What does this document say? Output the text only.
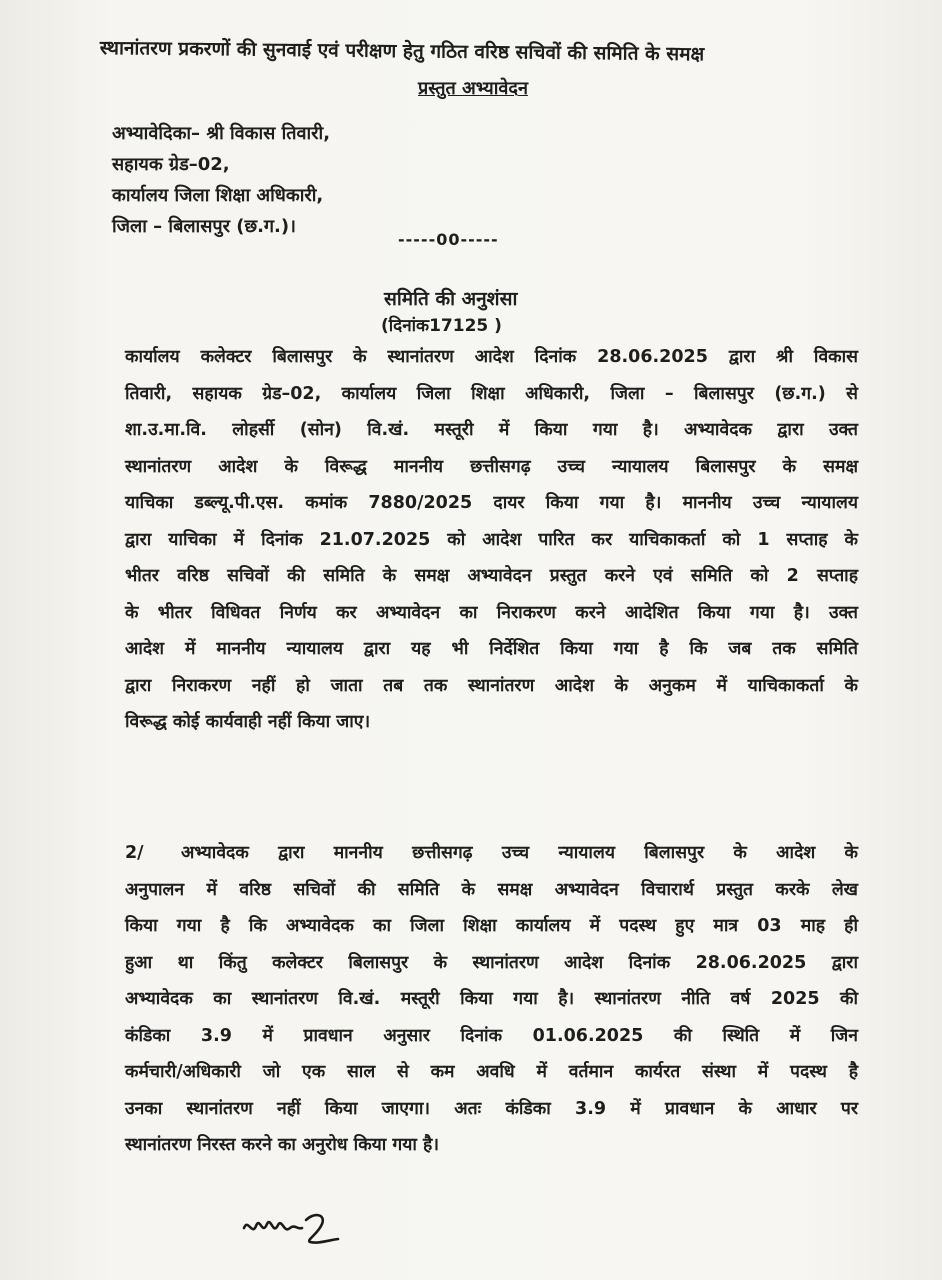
स्थानांतरण प्रकरणों की सुनवाई एवं परीक्षण हेतु गठित वरिष्ठ सचिवों की समिति के समक्ष
प्रस्तुत अभ्यावेदन
अभ्यावेदिका– श्री विकास तिवारी,
सहायक ग्रेड–02,
कार्यालय जिला शिक्षा अधिकारी,
जिला – बिलासपुर (छ.ग.)।
-----00-----
समिति की अनुशंसा
(दिनांक17125 )
कार्यालय कलेक्टर बिलासपुर के स्थानांतरण आदेश दिनांक 28.06.2025 द्वारा श्री विकास
तिवारी, सहायक ग्रेड–02, कार्यालय जिला शिक्षा अधिकारी, जिला – बिलासपुर (छ.ग.) से
शा.उ.मा.वि. लोहर्सी (सोन) वि.खं. मस्तूरी में किया गया है। अभ्यावेदक द्वारा उक्त
स्थानांतरण आदेश के विरूद्ध माननीय छत्तीसगढ़ उच्च न्यायालय बिलासपुर के समक्ष
याचिका डब्ल्यू.पी.एस. कमांक 7880/2025 दायर किया गया है। माननीय उच्च न्यायालय
द्वारा याचिका में दिनांक 21.07.2025 को आदेश पारित कर याचिकाकर्ता को 1 सप्ताह के
भीतर वरिष्ठ सचिवों की समिति के समक्ष अभ्यावेदन प्रस्तुत करने एवं समिति को 2 सप्ताह
के भीतर विधिवत निर्णय कर अभ्यावेदन का निराकरण करने आदेशित किया गया है। उक्त
आदेश में माननीय न्यायालय द्वारा यह भी निर्देशित किया गया है कि जब तक समिति
द्वारा निराकरण नहीं हो जाता तब तक स्थानांतरण आदेश के अनुकम में याचिकाकर्ता के
विरूद्ध कोई कार्यवाही नहीं किया जाए।
2/ अभ्यावेदक द्वारा माननीय छत्तीसगढ़ उच्च न्यायालय बिलासपुर के आदेश के
अनुपालन में वरिष्ठ सचिवों की समिति के समक्ष अभ्यावेदन विचारार्थ प्रस्तुत करके लेख
किया गया है कि अभ्यावेदक का जिला शिक्षा कार्यालय में पदस्थ हुए मात्र 03 माह ही
हुआ था किंतु कलेक्टर बिलासपुर के स्थानांतरण आदेश दिनांक 28.06.2025 द्वारा
अभ्यावेदक का स्थानांतरण वि.खं. मस्तूरी किया गया है। स्थानांतरण नीति वर्ष 2025 की
कंडिका 3.9 में प्रावधान अनुसार दिनांक 01.06.2025 की स्थिति में जिन
कर्मचारी/अधिकारी जो एक साल से कम अवधि में वर्तमान कार्यरत संस्था में पदस्थ है
उनका स्थानांतरण नहीं किया जाएगा। अतः कंडिका 3.9 में प्रावधान के आधार पर
स्थानांतरण निरस्त करने का अनुरोध किया गया है।
